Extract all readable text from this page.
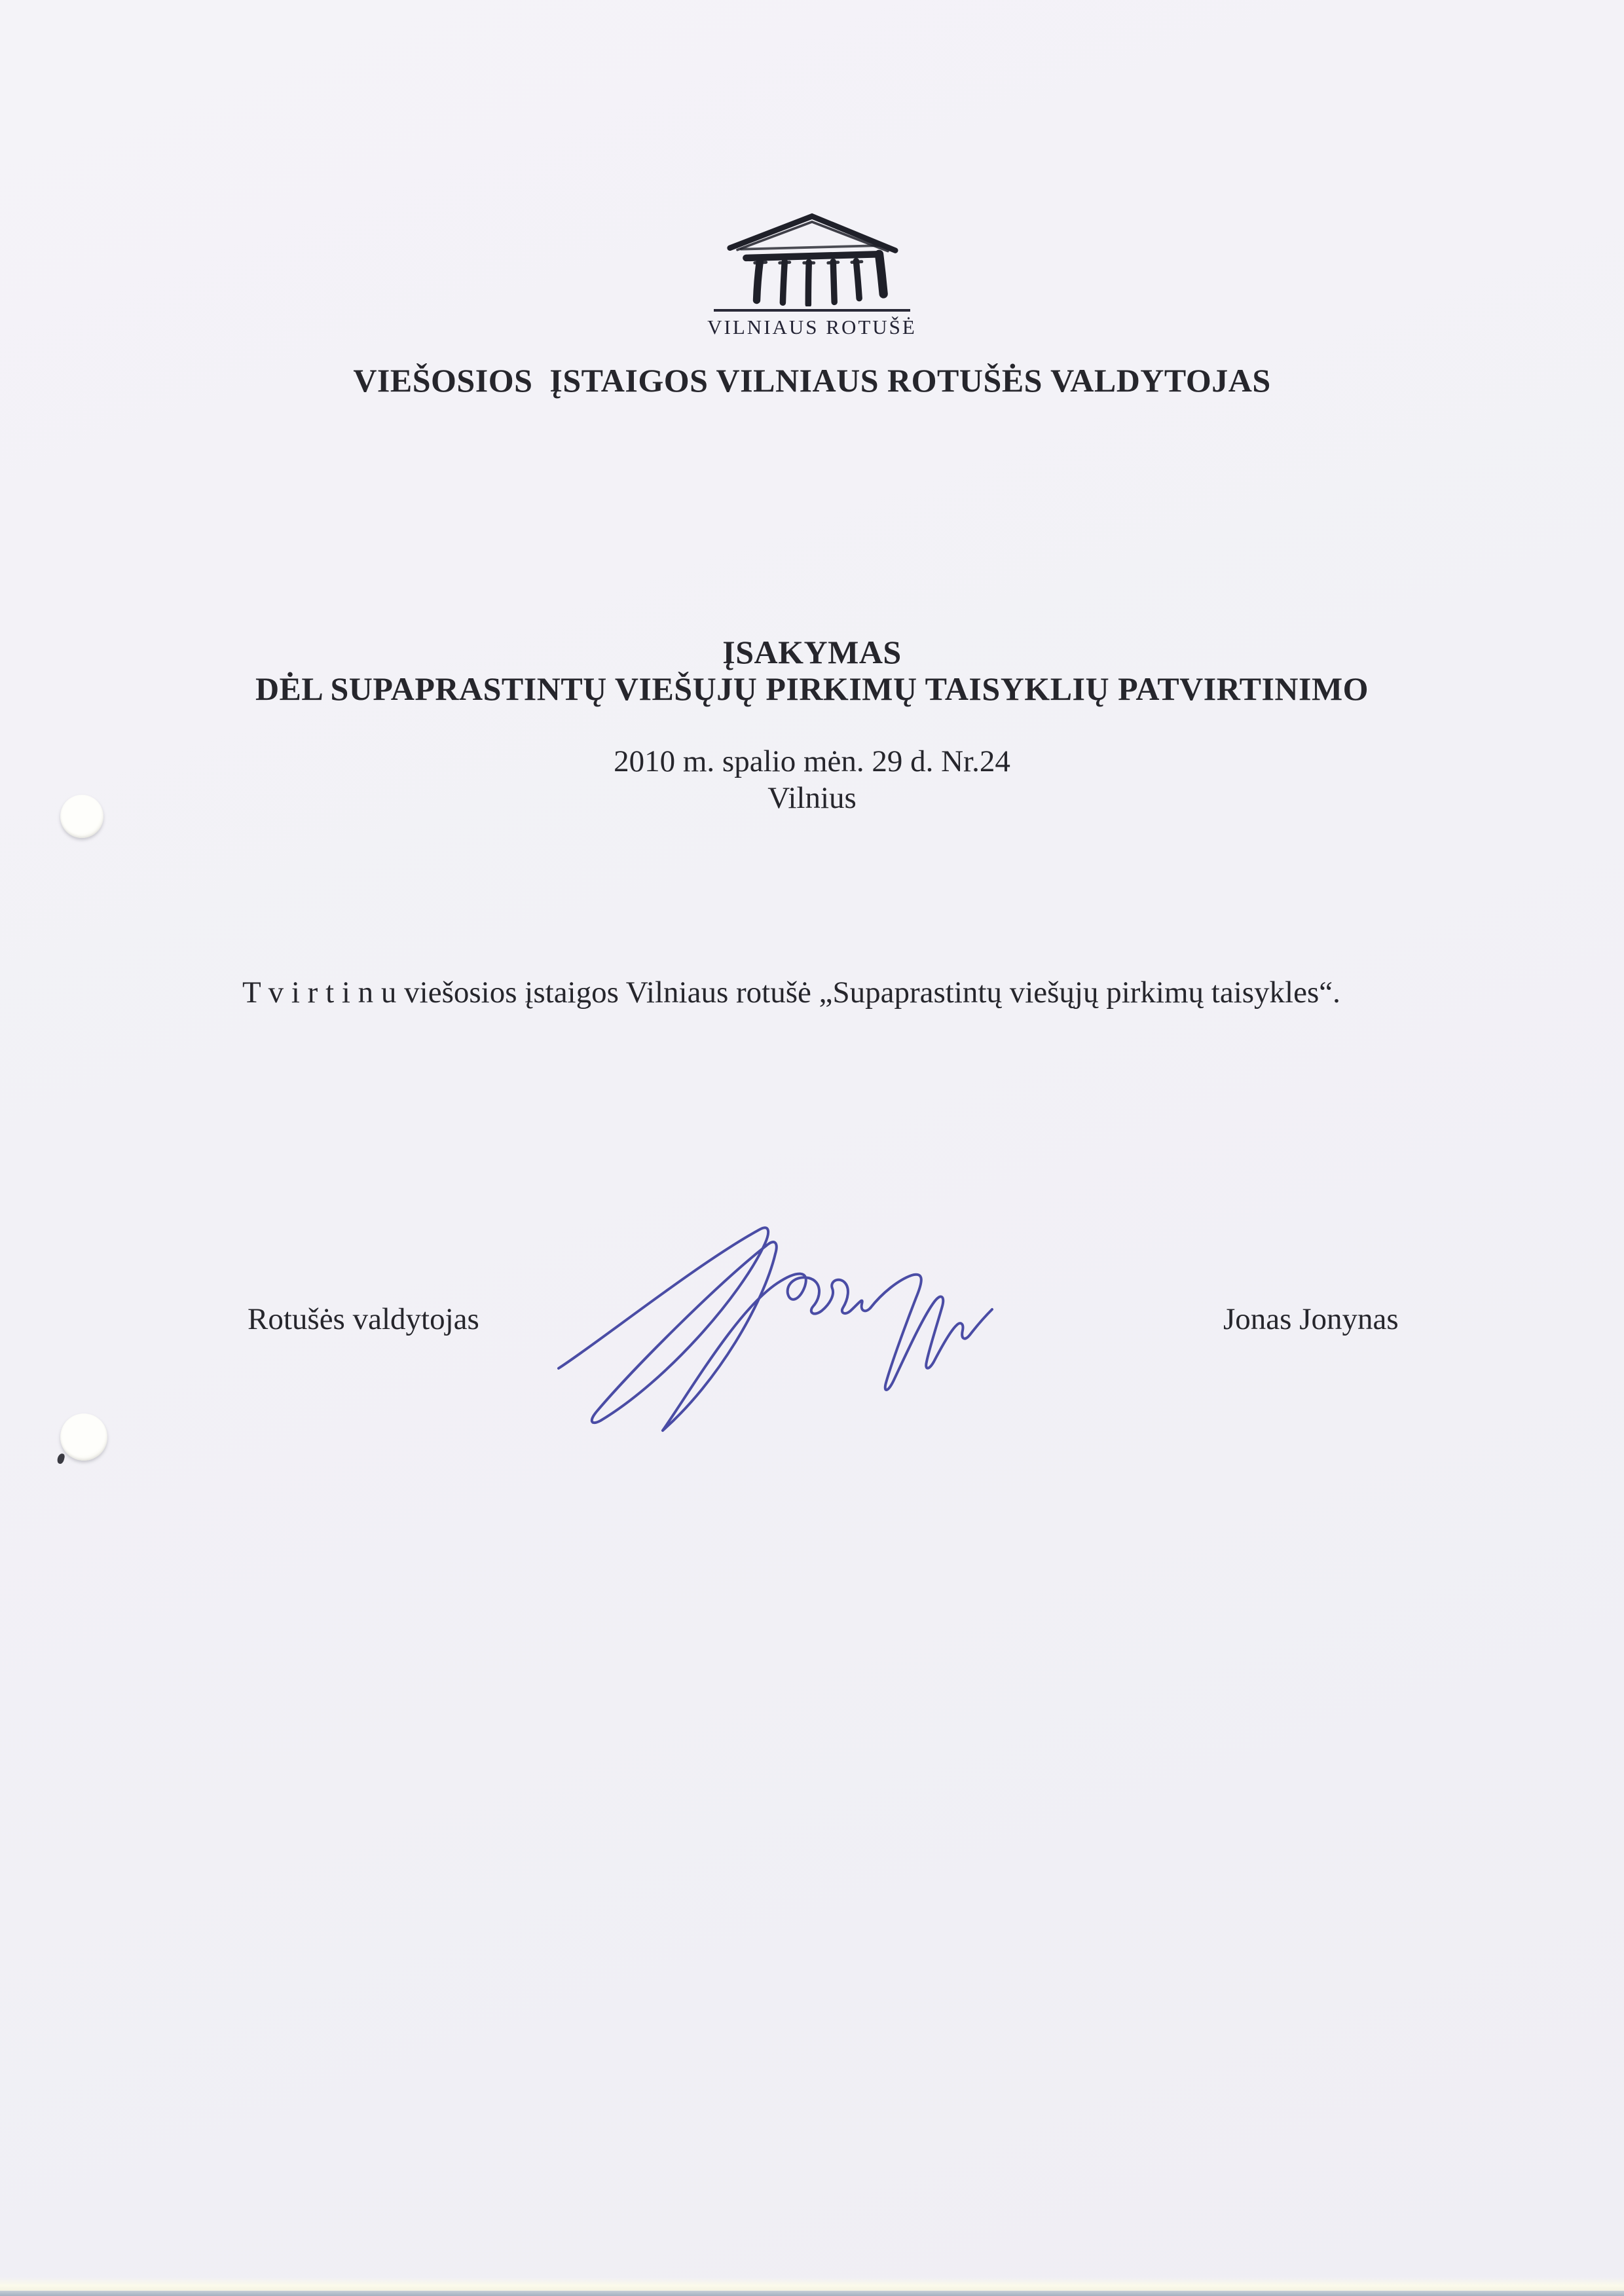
VILNIAUS ROTUŠĖ
VIEŠOSIOS  ĮSTAIGOS VILNIAUS ROTUŠĖS VALDYTOJAS
ĮSAKYMAS
DĖL SUPAPRASTINTŲ VIEŠŲJŲ PIRKIMŲ TAISYKLIŲ PATVIRTINIMO
2010 m. spalio mėn. 29 d. Nr.24
Vilnius
T v i r t i n u viešosios įstaigos Vilniaus rotušė „Supaprastintų viešųjų pirkimų taisykles“.
Rotušės valdytojas	Jonas Jonynas
